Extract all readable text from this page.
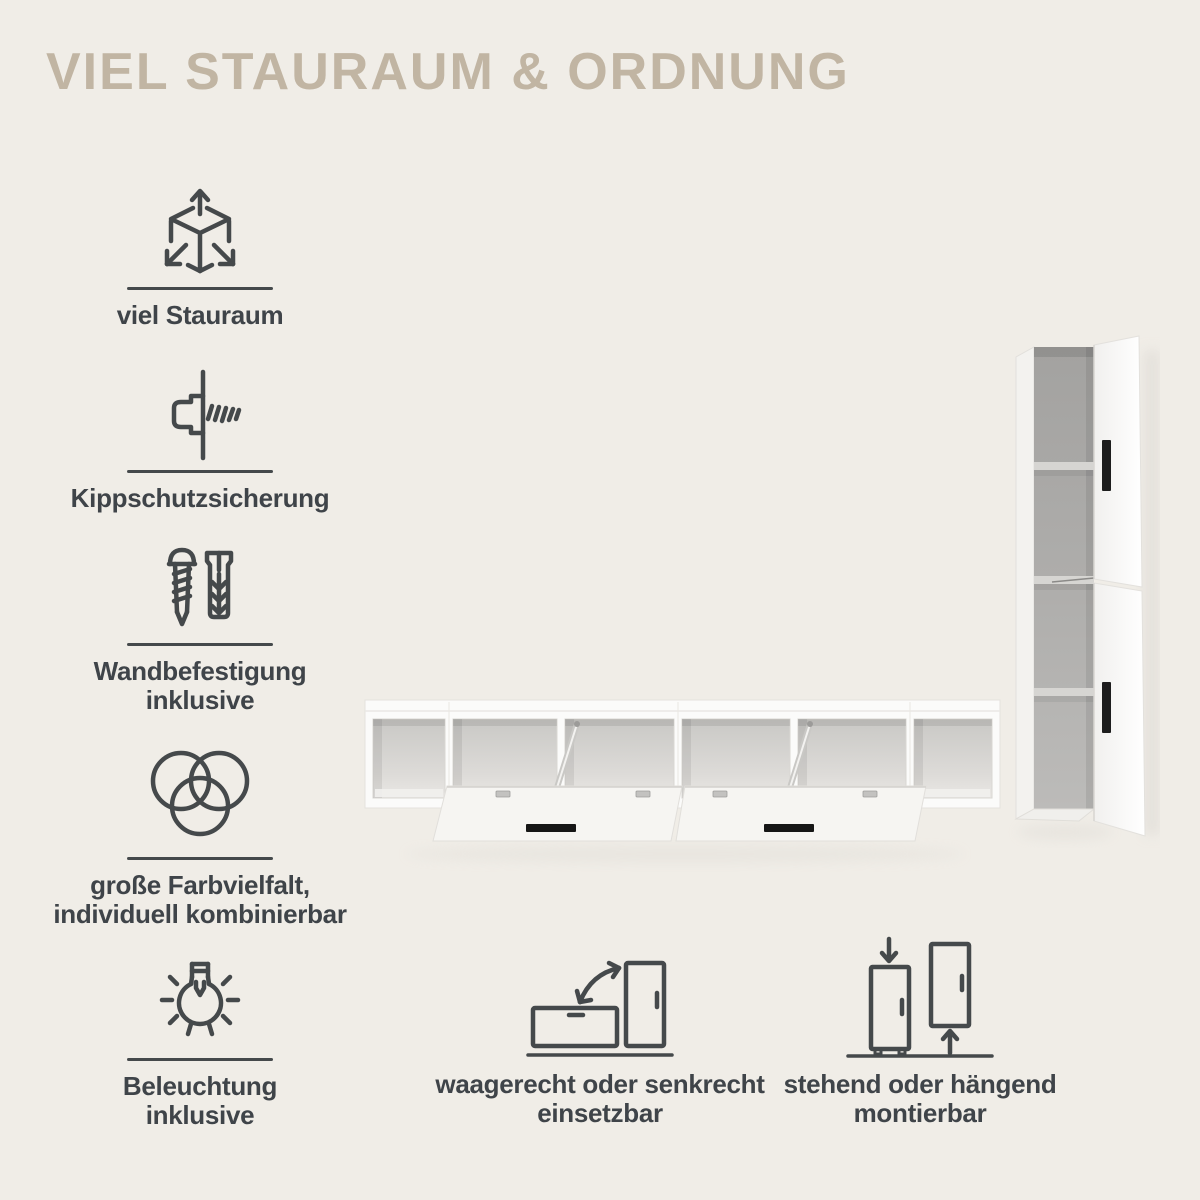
VIEL STAURAUM & ORDNUNG
viel Stauraum
Kippschutzsicherung
Wandbefestigung
inklusive
große Farbvielfalt,
individuell kombinierbar
Beleuchtung
inklusive
waagerecht oder senkrecht
einsetzbar
stehend oder hängend
montierbar
